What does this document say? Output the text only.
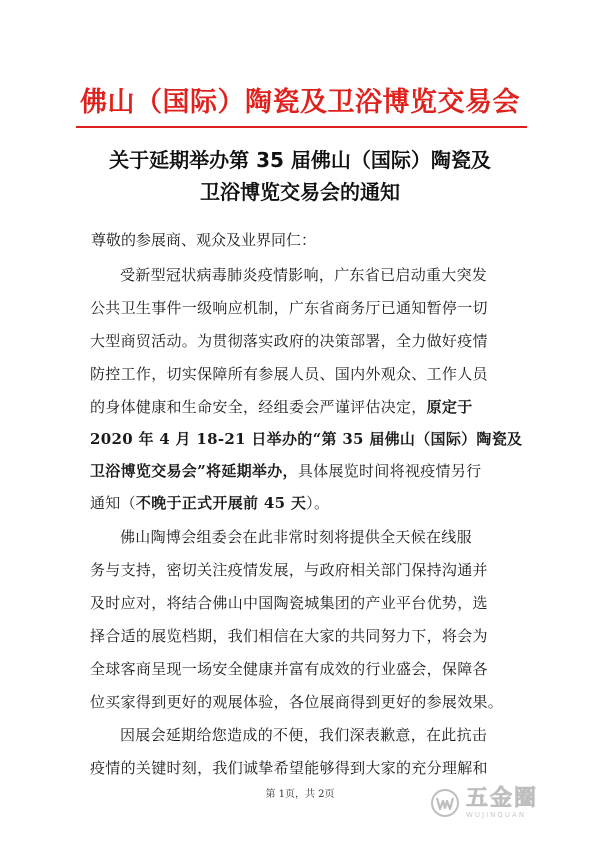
佛山（国际）陶瓷及卫浴博览交易会
关于延期举办第 35 届佛山（国际）陶瓷及
卫浴博览交易会的通知
尊敬的参展商、观众及业界同仁：
受新型冠状病毒肺炎疫情影响，广东省已启动重大突发
公共卫生事件一级响应机制，广东省商务厅已通知暂停一切
大型商贸活动。为贯彻落实政府的决策部署，全力做好疫情
防控工作，切实保障所有参展人员、国内外观众、工作人员
的身体健康和生命安全，经组委会严谨评估决定，原定于
2020 年 4 月 18-21 日举办的“第 35 届佛山（国际）陶瓷及
卫浴博览交易会”将延期举办，具体展览时间将视疫情另行
通知（不晚于正式开展前 45 天）。
佛山陶博会组委会在此非常时刻将提供全天候在线服
务与支持，密切关注疫情发展，与政府相关部门保持沟通并
及时应对，将结合佛山中国陶瓷城集团的产业平台优势，选
择合适的展览档期，我们相信在大家的共同努力下，将会为
全球客商呈现一场安全健康并富有成效的行业盛会，保障各
位买家得到更好的观展体验，各位展商得到更好的参展效果。
因展会延期给您造成的不便，我们深表歉意，在此抗击
疫情的关键时刻，我们诚挚希望能够得到大家的充分理解和
第 1页，共 2页	五金圈
WUJINQUAN
